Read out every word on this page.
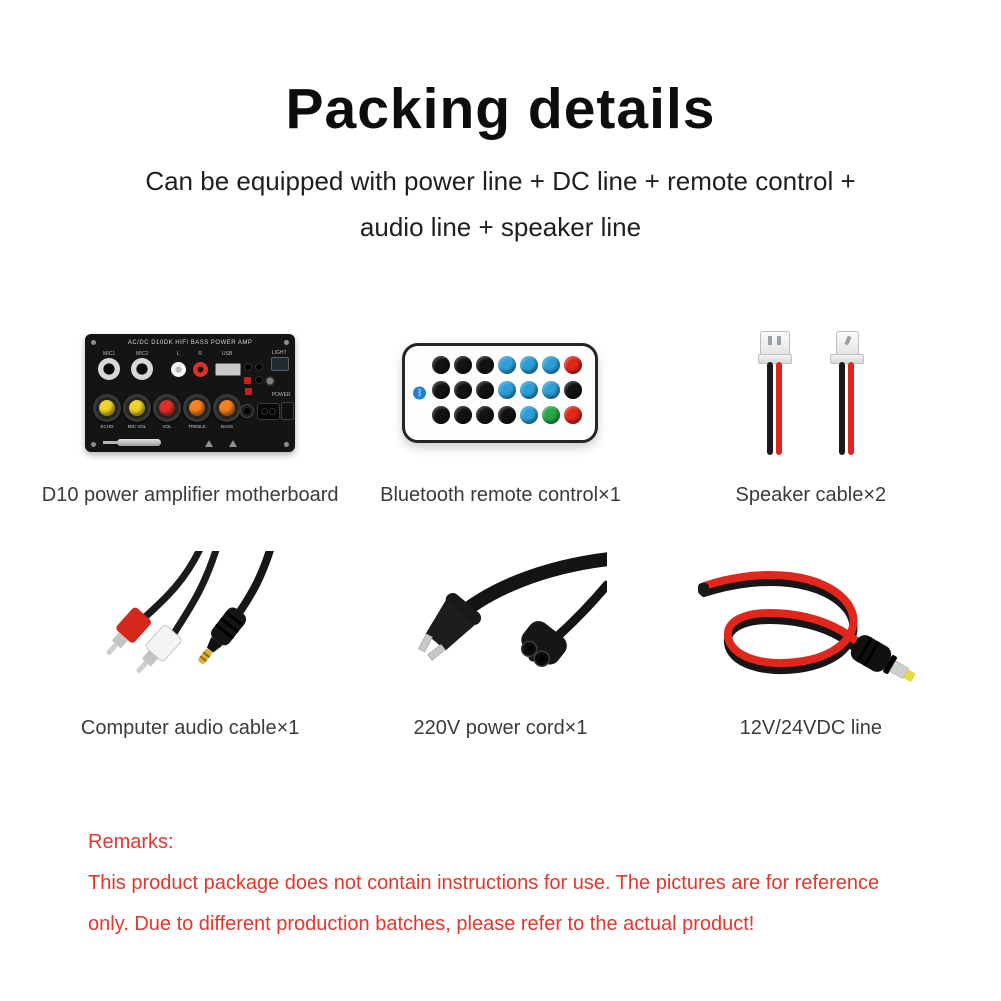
Packing details
Can be equipped with power line + DC line + remote control +
audio line + speaker line
AC/DC D10DK HIFI BASS POWER AMP
MIC1	MIC2	L	R	USB	LIGHT
ECHO	MIC VOL	VOL	TREBLE	BASS
POWER
D10 power amplifier motherboard
ᛒ
Bluetooth remote control×1	Speaker cable×2
Computer audio cable×1	220V power cord×1	12V/24VDC line

Remarks:

This product package does not contain instructions for use. The pictures are for reference

only. Due to different production batches, please refer to the actual product!
